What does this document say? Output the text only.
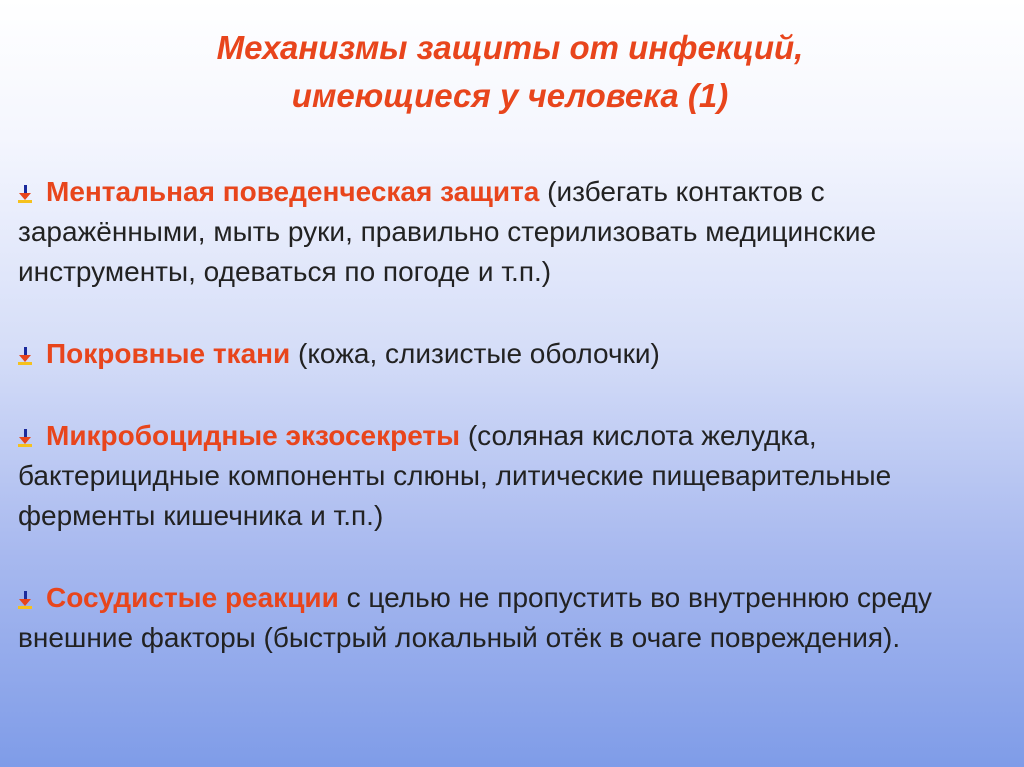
Механизмы защиты от инфекций,
имеющиеся у человека (1)
Ментальная поведенческая защита (избегать контактов с заражёнными, мыть руки, правильно стерилизовать медицинские инструменты, одеваться по погоде и т.п.)
Покровные ткани (кожа, слизистые оболочки)
Микробоцидные экзосекреты (соляная кислота желудка, бактерицидные компоненты слюны, литические пищеварительные ферменты кишечника и т.п.)
Сосудистые реакции с целью не пропустить во внутреннюю среду внешние факторы (быстрый локальный отёк в очаге повреждения).
